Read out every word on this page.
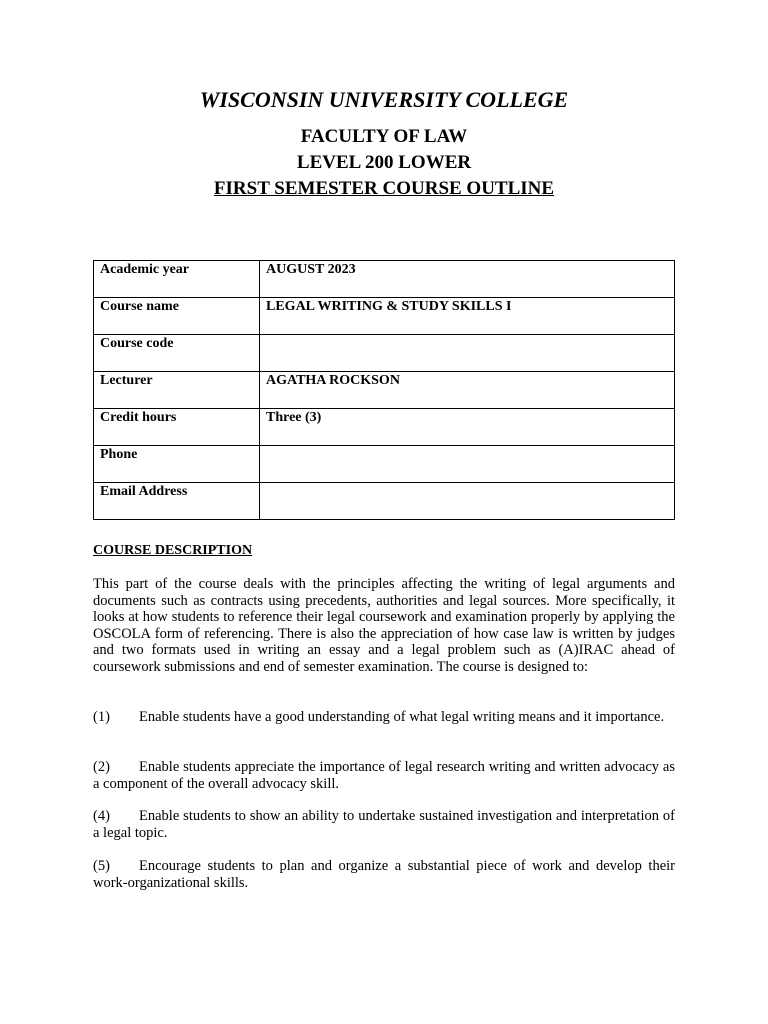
WISCONSIN UNIVERSITY COLLEGE
FACULTY OF LAW
LEVEL 200 LOWER
FIRST SEMESTER COURSE OUTLINE
Academic year	AUGUST 2023
Course name	LEGAL WRITING & STUDY SKILLS I
Course code	
Lecturer	AGATHA ROCKSON
Credit hours	Three (3)
Phone	
Email Address	
COURSE DESCRIPTION
This part of the course deals with the principles affecting the writing of legal arguments and documents such as contracts using precedents, authorities and legal sources. More specifically, it looks at how students to reference their legal coursework and examination properly by applying the OSCOLA form of referencing. There is also the appreciation of how case law is written by judges and two formats used in writing an essay and a legal problem such as (A)IRAC ahead of coursework submissions and end of semester examination. The course is designed to:
(1) Enable students have a good understanding of what legal writing means and it importance.
(2) Enable students appreciate the importance of legal research writing and written advocacy as a component of the overall advocacy skill.
(4) Enable students to show an ability to undertake sustained investigation and interpretation of a legal topic.
(5) Encourage students to plan and organize a substantial piece of work and develop their work-organizational skills.
